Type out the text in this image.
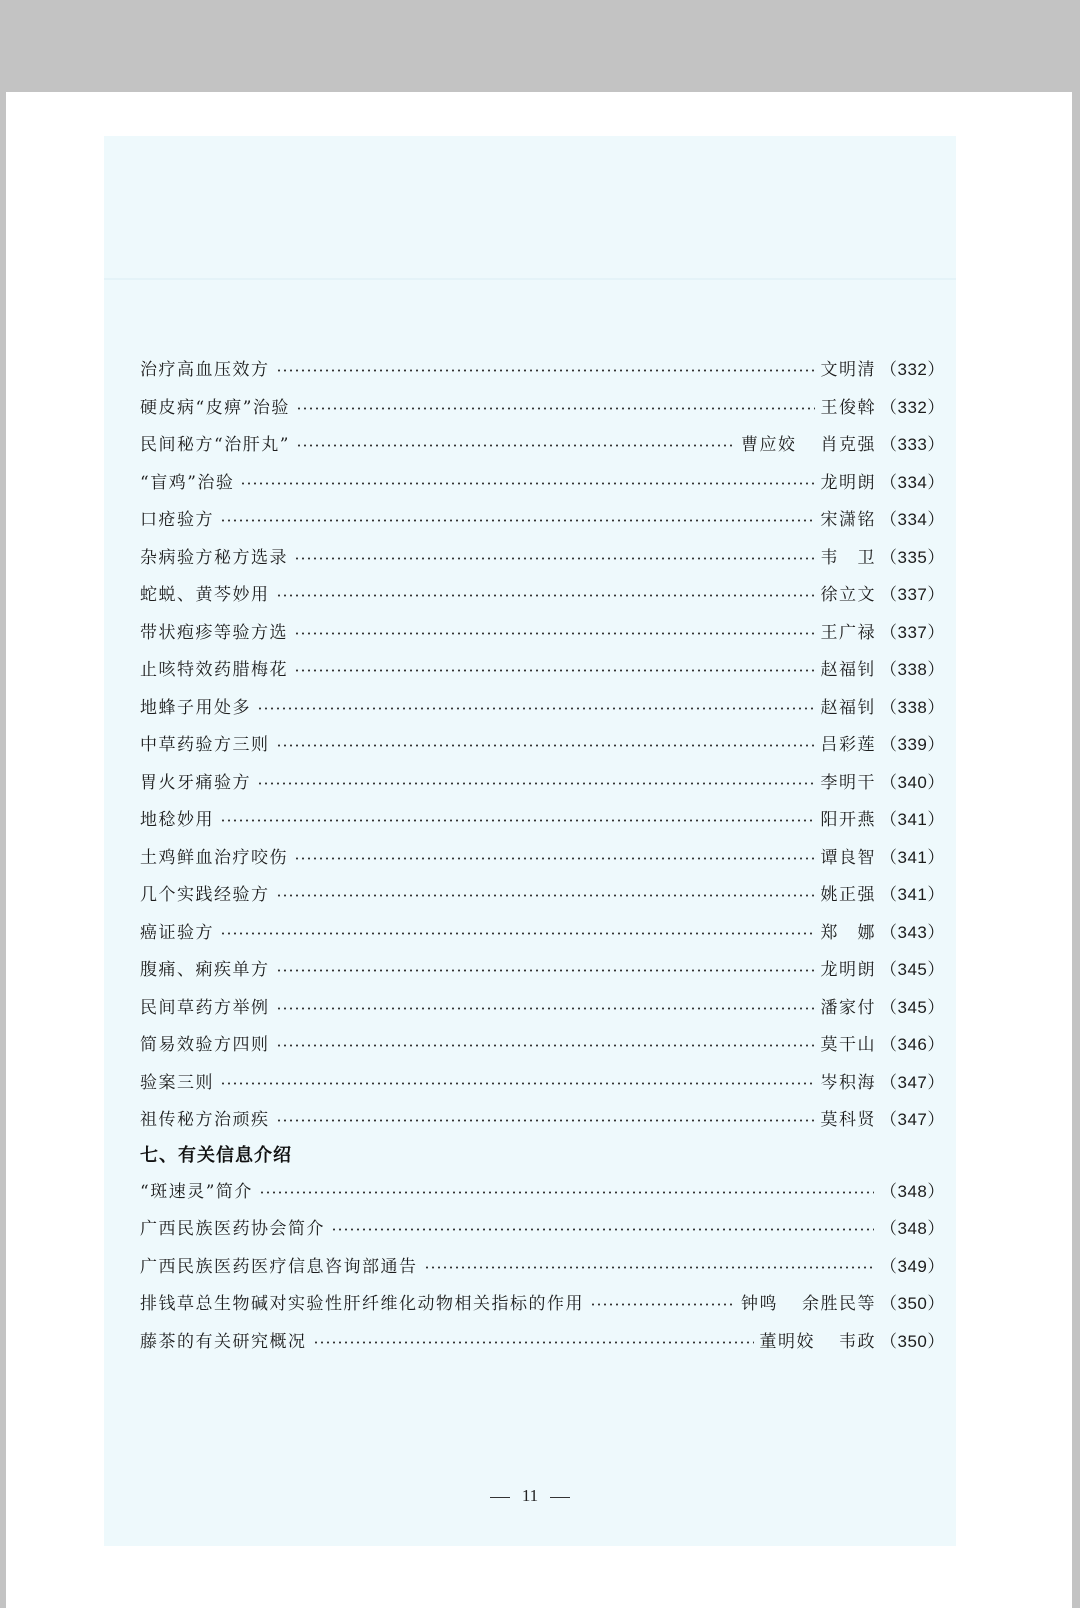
治疗高血压效方	文明清 （332）
硬皮病“皮痹”治验	王俊斡 （332）
民间秘方“治肝丸”	曹应姣 肖克强 （333）
“盲鸡”治验	龙明朗 （334）
口疮验方	宋潇铭 （334）
杂病验方秘方选录	韦　卫 （335）
蛇蜕、黄芩妙用	徐立文 （337）
带状疱疹等验方选	王广禄 （337）
止咳特效药腊梅花	赵福钊 （338）
地蜂子用处多	赵福钊 （338）
中草药验方三则	吕彩莲 （339）
胃火牙痛验方	李明干 （340）
地稔妙用	阳开燕 （341）
土鸡鲜血治疗咬伤	谭良智 （341）
几个实践经验方	姚正强 （341）
癌证验方	郑　娜 （343）
腹痛、痢疾单方	龙明朗 （345）
民间草药方举例	潘家付 （345）
简易效验方四则	莫干山 （346）
验案三则	岑积海 （347）
祖传秘方治顽疾	莫科贤 （347）
七、有关信息介绍
“斑速灵”简介	（348）
广西民族医药协会简介	（348）
广西民族医药医疗信息咨询部通告	（349）
排钱草总生物碱对实验性肝纤维化动物相关指标的作用	钟鸣 余胜民等 （350）
藤茶的有关研究概况	董明姣 韦政 （350）
11
